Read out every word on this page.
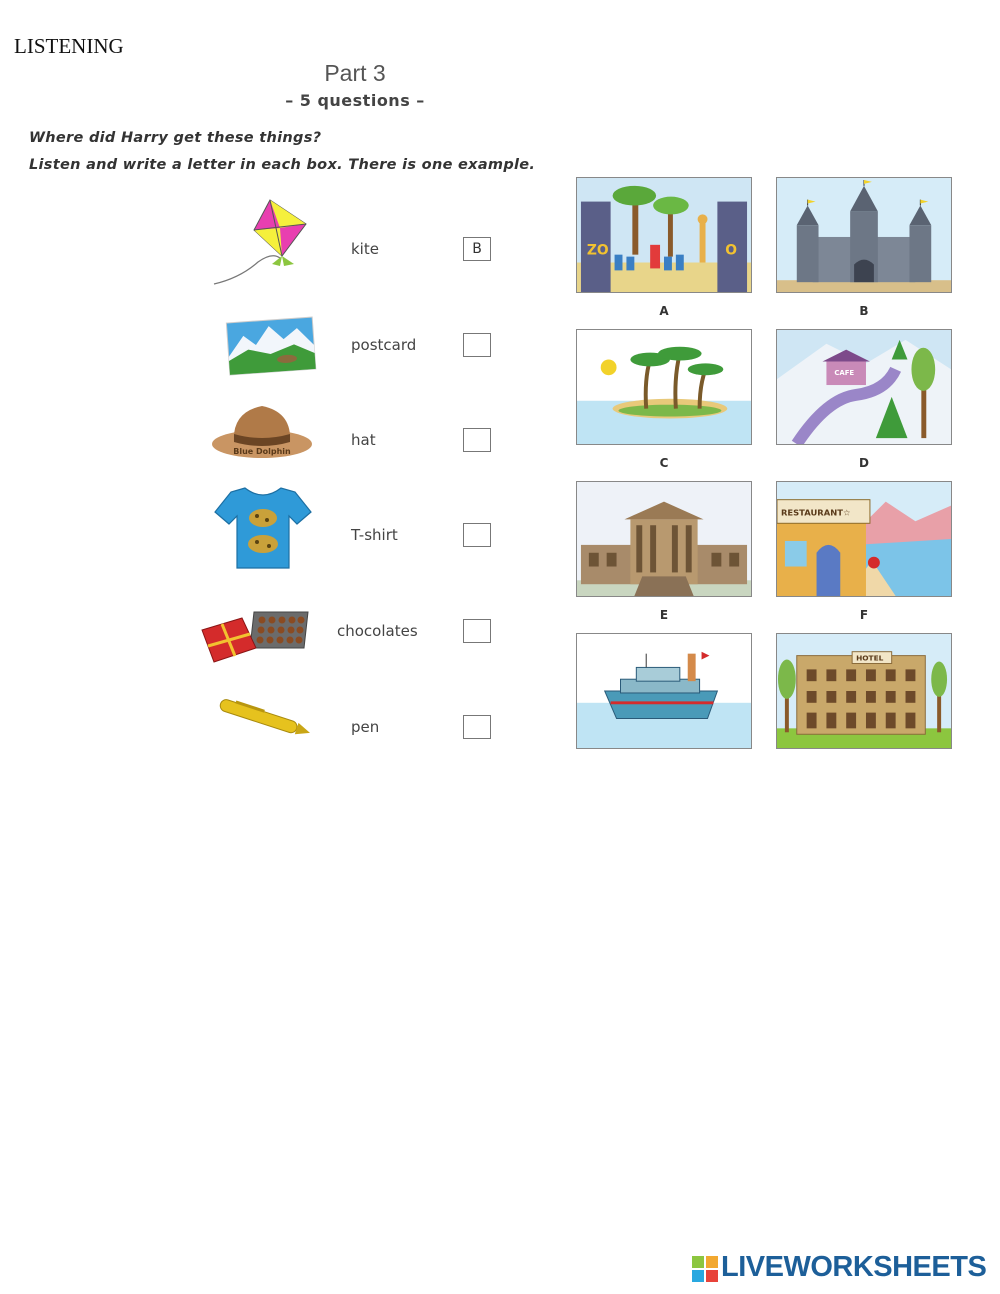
LISTENING
Part 3
– 5 questions –
Where did Harry get these things?
Listen and write a letter in each box. There is one example.
kite
B
postcard
Blue Dolphin
hat
T-shirt
chocolates
pen
ZO	O
A	B
C
CAFE
D
E
RESTAURANT☆
F
HOTEL
LIVEWORKSHEETS
